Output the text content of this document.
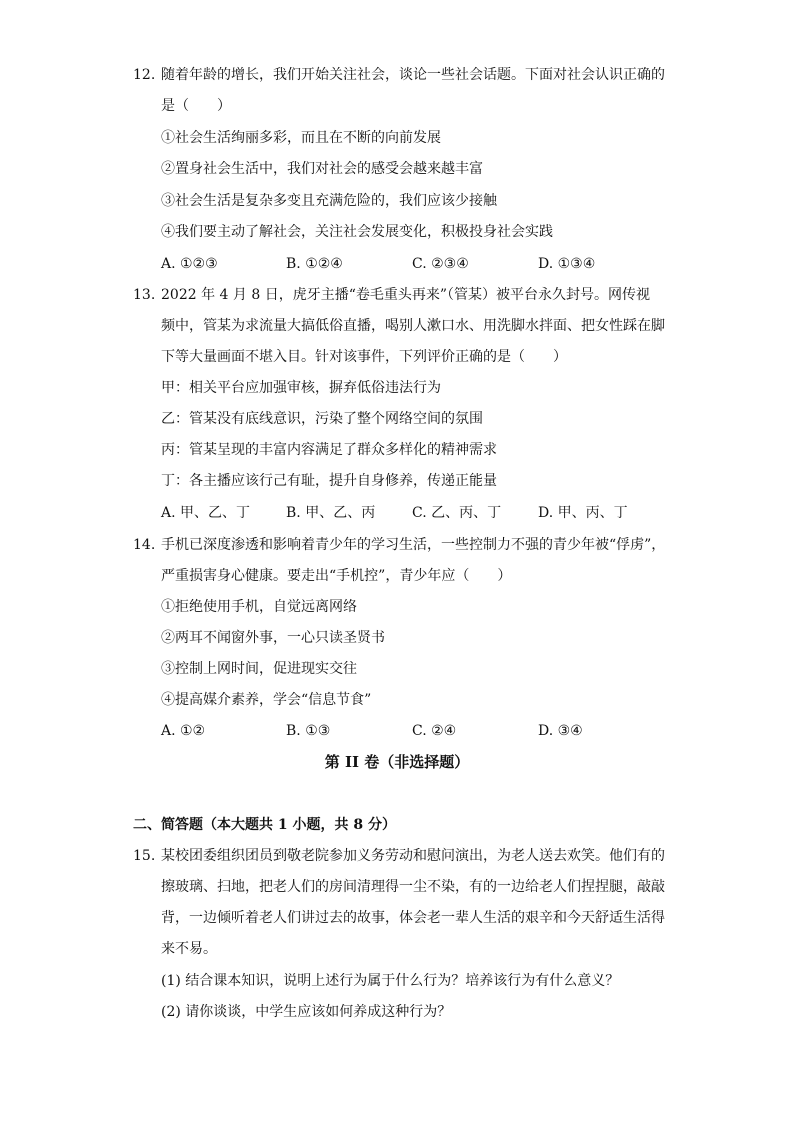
12. 随着年龄的增长，我们开始关注社会，谈论一些社会话题。下面对社会认识正确的
是（　　）
①社会生活绚丽多彩，而且在不断的向前发展
②置身社会生活中，我们对社会的感受会越来越丰富
③社会生活是复杂多变且充满危险的，我们应该少接触
④我们要主动了解社会，关注社会发展变化，积极投身社会实践
A. ①②③	B. ①②④	C. ②③④	D. ①③④
13. 2022 年 4 月 8 日，虎牙主播“卷毛重头再来”（管某）被平台永久封号。网传视
频中，管某为求流量大搞低俗直播，喝别人漱口水、用洗脚水拌面、把女性踩在脚
下等大量画面不堪入目。针对该事件，下列评价正确的是（　　）
甲：相关平台应加强审核，摒弃低俗违法行为
乙：管某没有底线意识，污染了整个网络空间的氛围
丙：管某呈现的丰富内容满足了群众多样化的精神需求
丁：各主播应该行己有耻，提升自身修养，传递正能量
A. 甲、乙、丁	B. 甲、乙、丙	C. 乙、丙、丁	D. 甲、丙、丁
14. 手机已深度渗透和影响着青少年的学习生活，一些控制力不强的青少年被“俘虏”，
严重损害身心健康。要走出“手机控”，青少年应（　　）
①拒绝使用手机，自觉远离网络
②两耳不闻窗外事，一心只读圣贤书
③控制上网时间，促进现实交往
④提高媒介素养，学会“信息节食”
A. ①②	B. ①③	C. ②④	D. ③④
第 II 卷（非选择题）
二、简答题（本大题共 1 小题，共 8 分）
15. 某校团委组织团员到敬老院参加义务劳动和慰问演出，为老人送去欢笑。他们有的
擦玻璃、扫地，把老人们的房间清理得一尘不染，有的一边给老人们捏捏腿，敲敲
背，一边倾听着老人们讲过去的故事，体会老一辈人生活的艰辛和今天舒适生活得
来不易。
(1) 结合课本知识，说明上述行为属于什么行为？培养该行为有什么意义？
(2) 请你谈谈，中学生应该如何养成这种行为？
